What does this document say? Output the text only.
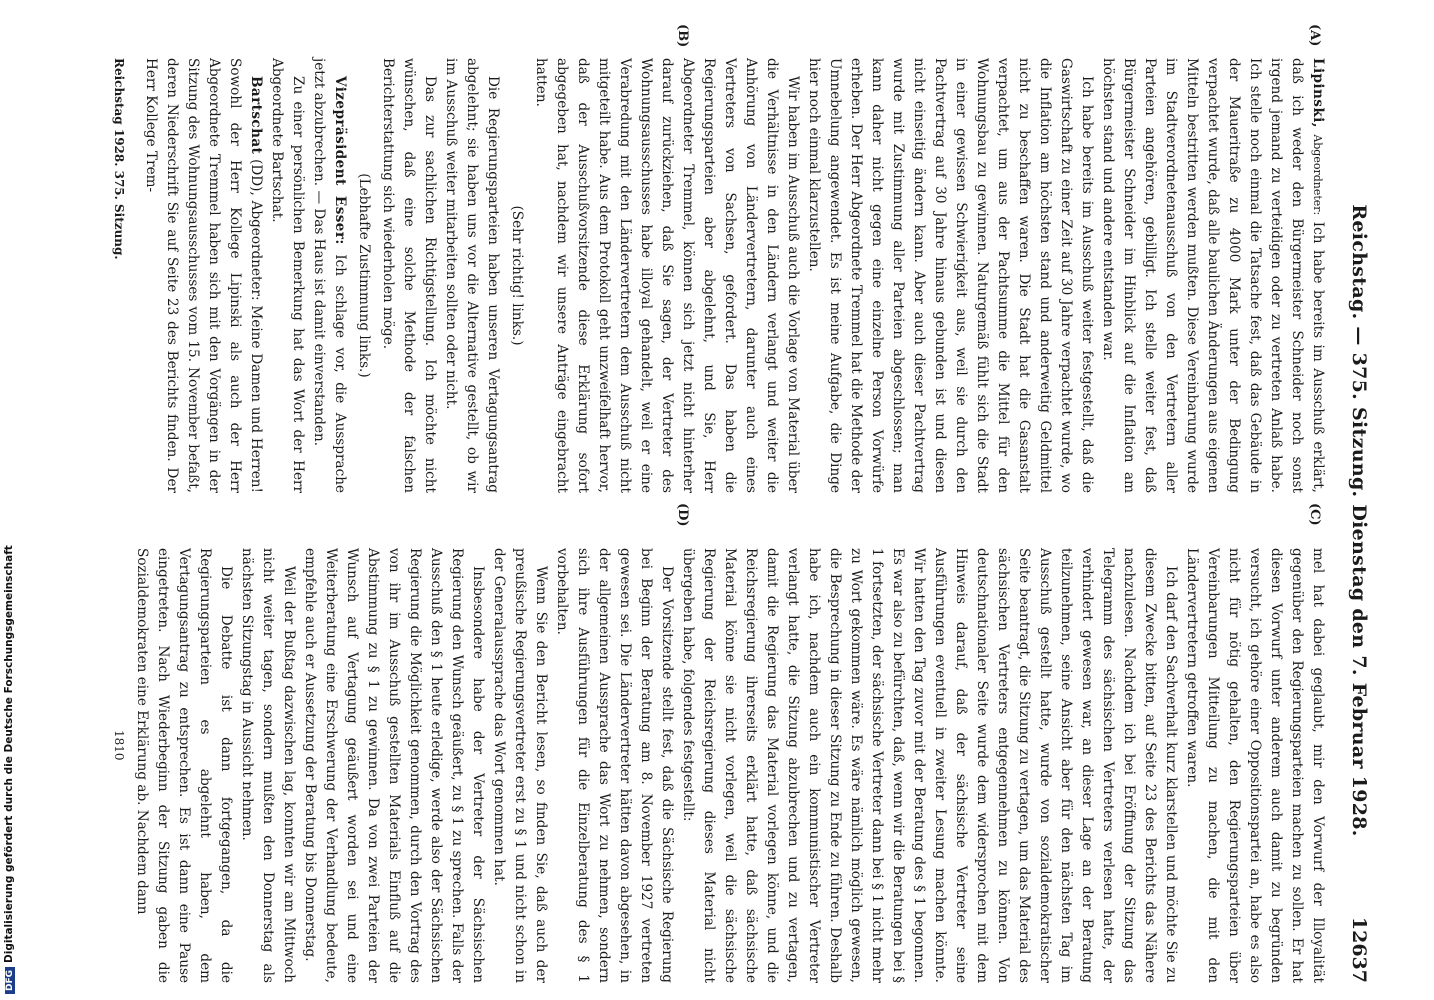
Reichstag. — 375. Sitzung. Dienstag den 7. Februar 1928.
12637
(A)
(B)
(C)
(D)

Lipinski, Abgeordneter: Ich habe bereits im Ausschuß erklärt, daß ich weder den Bürgermeister Schneider noch sonst irgend jemand zu verteidigen oder zu vertreten Anlaß habe. Ich stelle noch einmal die Tatsache fest, daß das Gebäude in der Maueritraße zu 4000 Mark unter der Bedingung verpachtet wurde, daß alle baulichen Änderungen aus eigenen Mitteln bestritten werden mußten. Diese Vereinbarung wurde im Stadtverordnetenausschuß von den Vertretern aller Parteien angehören, gebilligt. Ich stelle weiter fest, daß Bürgermeister Schneider im Hinblick auf die Inflation am höchsten stand und andere entstanden war.

Ich habe bereits im Ausschuß weiter festgestellt, daß die Gaswirtschaft zu einer Zeit auf 30 Jahre verpachtet wurde, wo die Inflation am höchsten stand und anderweitig Geldmittel nicht zu beschaffen waren. Die Stadt hat die Gasanstalt verpachtet, um aus der Pachtsumme die Mittel für den Wohnungsbau zu gewinnen. Naturgemäß fühlt sich die Stadt in einer gewissen Schwierigkeit aus, weil sie durch den Pachtvertrag auf 30 Jahre hinaus gebunden ist und diesen nicht einseitig ändern kann. Aber auch dieser Pachtvertrag wurde mit Zustimmung aller Parteien abgeschlossen; man kann daher nicht gegen eine einzelne Person Vorwürfe erheben. Der Herr Abgeordnete Tremmel hat die Methode der Umnebelung angewendet. Es ist meine Aufgabe, die Dinge hier noch einmal klarzustellen.

Wir haben im Ausschuß auch die Vorlage von Material über die Verhältnisse in den Ländern verlangt und weiter die Anhörung von Ländervertretern, darunter auch eines Vertreters von Sachsen, gefordert. Das haben die Regierungsparteien aber abgelehnt, und Sie, Herr Abgeordneter Tremmel, können sich jetzt nicht hinterher darauf zurückziehen, daß Sie sagen, der Vertreter des Wohnungsausschusses habe illoyal gehandelt, weil er eine Verabredung mit den Ländervertretern dem Ausschuß nicht mitgeteilt habe. Aus dem Protokoll geht unzweifelhaft hervor, daß der Ausschußvorsitzende diese Erklärung sofort abgegeben hat, nachdem wir unsere Anträge eingebracht hatten.

(Sehr richtig! links.)

Die Regierungsparteien haben unseren Vertagungsantrag abgelehnt; sie haben uns vor die Alternative gestellt, ob wir im Ausschuß weiter mitarbeiten sollten oder nicht.

Das zur sachlichen Richtigstellung. Ich möchte nicht wünschen, daß eine solche Methode der falschen Berichterstattung sich wiederholen möge.

(Lebhafte Zustimmung links.)

Vizepräsident Esser: Ich schlage vor, die Aussprache jetzt abzubrechen. — Das Haus ist damit einverstanden.

Zu einer persönlichen Bemerkung hat das Wort der Herr Abgeordnete Bartschat.

Bartschat (DD), Abgeordneter: Meine Damen und Herren! Sowohl der Herr Kollege Lipinski als auch der Herr Abgeordnete Tremmel haben sich mit den Vorgängen in der Sitzung des Wohnungsausschusses vom 15. November befaßt, deren Niederschrift Sie auf Seite 23 des Berichts finden. Der Herr Kollege Trem-

mel hat dabei geglaubt, mir den Vorwurf der Illoyalität gegenüber den Regierungsparteien machen zu sollen. Er hat diesen Vorwurf unter anderem auch damit zu begründen versucht, ich gehöre einer Oppositionspartei an, habe es also nicht für nötig gehalten, den Regierungsparteien über Vereinbarungen Mitteilung zu machen, die mit den Ländervertretern getroffen waren.

Ich darf den Sachverhalt kurz klarstellen und möchte Sie zu diesem Zwecke bitten, auf Seite 23 des Berichts das Nähere nachzulesen. Nachdem ich bei Eröffnung der Sitzung das Telegramm des sächsischen Vertreters verlesen hatte, der verhindert gewesen war, an dieser Lage an der Beratung teilzunehmen, seine Ansicht aber für den nächsten Tag im Ausschuß gestellt hatte, wurde von sozialdemokratischer Seite beantragt, die Sitzung zu vertagen, um das Material des sächsischen Vertreters entgegennehmen zu können. Von deutschnationaler Seite wurde dem widersprochen mit dem Hinweis darauf, daß der sächsische Vertreter seine Ausführungen eventuell in zweiter Lesung machen könnte. Wir hatten den Tag zuvor mit der Beratung des § 1 begonnen. Es war also zu befürchten, daß, wenn wir die Beratungen bei § 1 fortsetzten, der sächsische Vertreter dann bei § 1 nicht mehr zu Wort gekommen wäre. Es wäre nämlich möglich gewesen, die Besprechung in dieser Sitzung zu Ende zu führen. Deshalb habe ich, nachdem auch ein kommunistischer Vertreter verlangt hatte, die Sitzung abzubrechen und zu vertagen, damit die Regierung das Material vorlegen könne, und die Reichsregierung ihrerseits erklärt hatte, daß sächsische Material könne sie nicht vorlegen, weil die sächsische Regierung der Reichsregierung dieses Material nicht übergeben habe, folgendes festgestellt:

Der Vorsitzende stellt fest, daß die Sächsische Regierung bei Beginn der Beratung am 8. November 1927 vertreten gewesen sei. Die Ländervertreter hätten davon abgesehen, in der allgemeinen Aussprache das Wort zu nehmen, sondern sich ihre Ausführungen für die Einzelberatung des § 1 vorbehalten.

Wenn Sie den Bericht lesen, so finden Sie, daß auch der preußische Regierungsvertreter erst zu § 1 und nicht schon in der Generalaussprache das Wort genommen hat.

Insbesondere habe der Vertreter der Sächsischen Regierung den Wunsch geäußert, zu § 1 zu sprechen. Falls der Ausschuß den § 1 heute erledige, werde also der Sächsischen Regierung die Möglichkeit genommen, durch den Vortrag des von ihr im Ausschuß gestellten Materials Einfluß auf die Abstimmung zu § 1 zu gewinnen. Da von zwei Parteien der Wunsch auf Vertagung geäußert worden sei und eine Weiterberatung eine Erschwerung der Verhandlung bedeute, empfehle auch er Aussetzung der Beratung bis Donnerstag.

Weil der Bußtag dazwischen lag, konnten wir am Mittwoch nicht weiter tagen, sondern mußten den Donnerstag als nächsten Sitzungstag in Aussicht nehmen.

Die Debatte ist dann fortgegangen, da die Regierungsparteien es abgelehnt haben, dem Vertagungsantrag zu entsprechen. Es ist dann eine Pause eingetreten. Nach Wiederbeginn der Sitzung gaben die Sozialdemokraten eine Erklärung ab. Nachdem dann

Reichstag 1928. 375. Sitzung.
1810
DFGDigitalisierung gefördert durch die Deutsche Forschungsgemeinschaft
